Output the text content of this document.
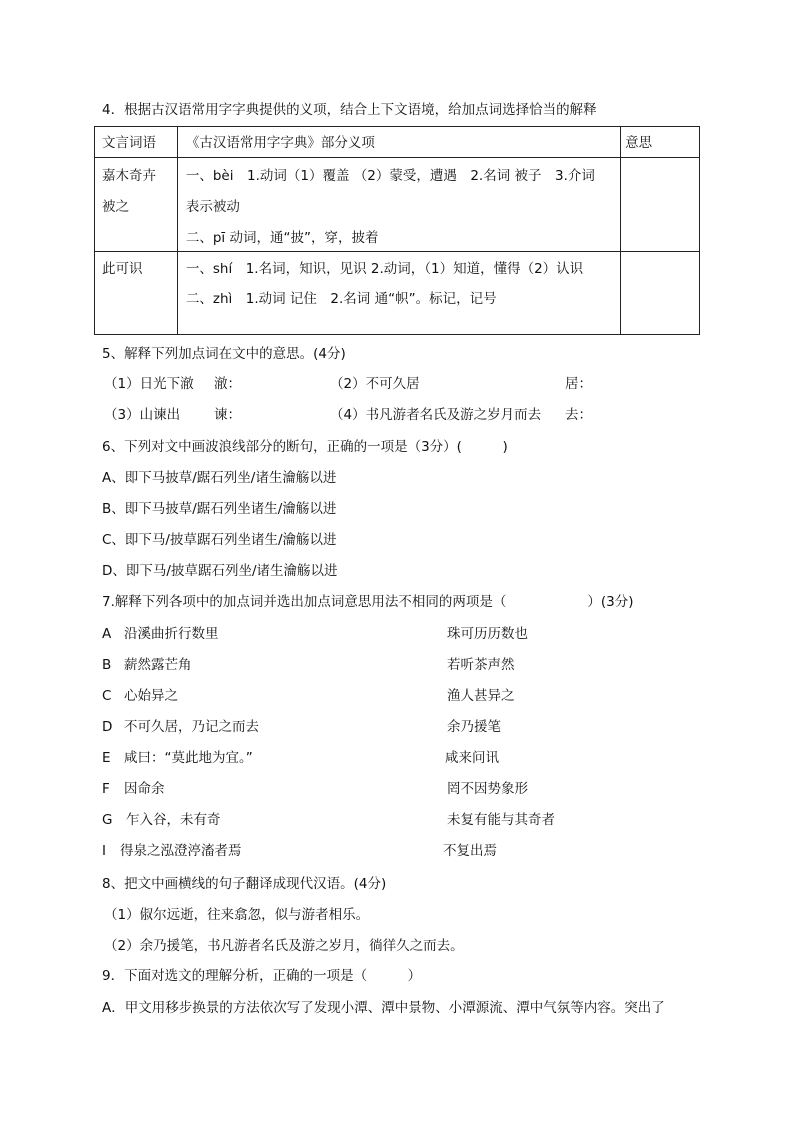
4．根据古汉语常用字字典提供的义项，结合上下文语境，给加点词选择恰当的解释
文言词语	《古汉语常用字字典》部分义项	意思

嘉木奇卉
被之	一、bèi　1.动词（1）覆盖 （2）蒙受，遭遇　2.名词 被子　3.介词
表示被动
二、pī 动词，通“披”，穿，披着	

此可识	一、shí　1.名词，知识，见识 2.动词，（1）知道，懂得（2）认识
二、zhì　1.动词 记住　2.名词 通“帜”。标记，记号	

5、解释下列加点词在文中的意思。(4分)
（1）日光下澈 澈：	（2）不可久居	居：
（3）山谏出	谏：	（4）书凡游者名氏及游之岁月而去 去：
6、下列对文中画波浪线部分的断句，正确的一项是（3分）(　　　)
A、即下马披草/踞石列坐/诸生瀹觞以进
B、即下马披草/踞石列坐诸生/瀹觞以进
C、即下马/披草踞石列坐诸生/瀹觞以进
D、即下马/披草踞石列坐/诸生瀹觞以进
7.解释下列各项中的加点词并选出加点词意思用法不相同的两项是（　　　　　　）(3分)
A 沿溪曲折行数里	珠可历历数也
B 薪然露芒角	若听茶声然
C 心始异之	渔人甚异之
D 不可久居，乃记之而去	余乃援笔
E 咸曰：“莫此地为宜。”	咸来问讯
F 因命余	罔不因势象形
G 乍入谷，未有奇	未复有能与其奇者
I 得泉之泓澄渟滀者焉	不复出焉
8、把文中画横线的句子翻译成现代汉语。(4分)
（1）俶尔远逝，往来翕忽，似与游者相乐。
（2）余乃援笔，书凡游者名氏及游之岁月，徜徉久之而去。
9．下面对选文的理解分析，正确的一项是（　　　）
A．甲文用移步换景的方法依次写了发现小潭、潭中景物、小潭源流、潭中气氛等内容。突出了
